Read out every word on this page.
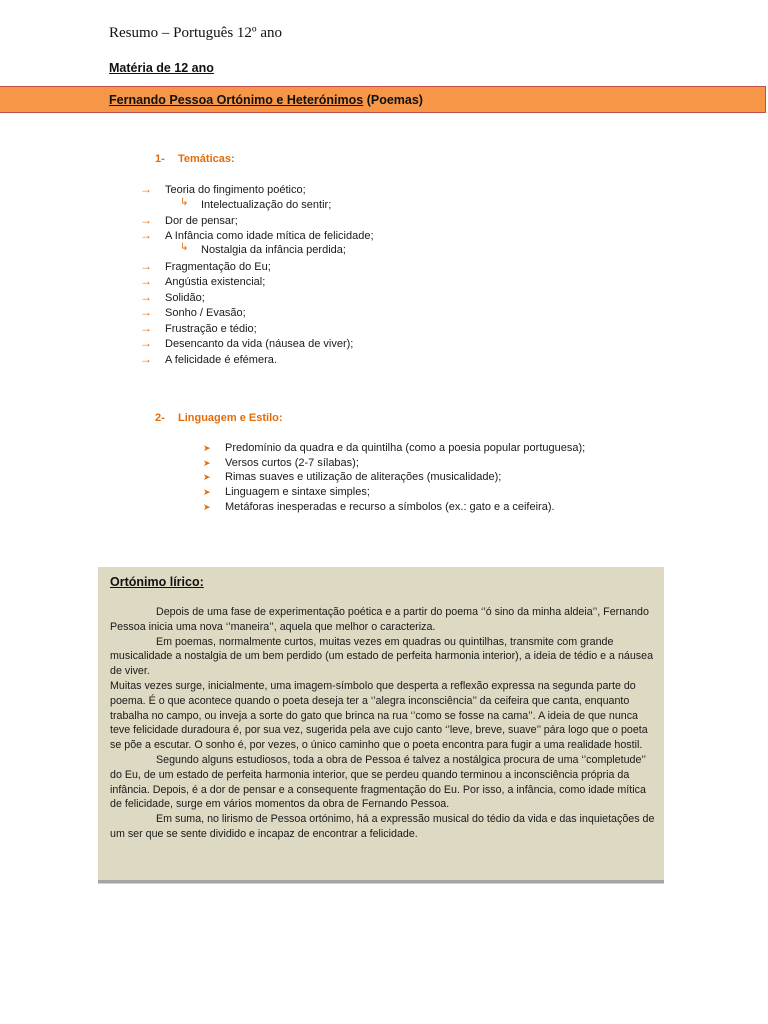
Resumo – Português 12º ano
Matéria de 12 ano
Fernando Pessoa Ortónimo e Heterónimos (Poemas)
1- Temáticas:
→ Teoria do fingimento poético;
↳ Intelectualização do sentir;
→ Dor de pensar;
→ A Infância como idade mítica de felicidade;
↳ Nostalgia da infância perdida;
→ Fragmentação do Eu;
→ Angústia existencial;
→ Solidão;
→ Sonho / Evasão;
→ Frustração e tédio;
→ Desencanto da vida (náusea de viver);
→ A felicidade é efémera.
2- Linguagem e Estilo:
➤ Predomínio da quadra e da quintilha (como a poesia popular portuguesa);
➤ Versos curtos (2-7 sílabas);
➤ Rimas suaves e utilização de aliterações (musicalidade);
➤ Linguagem e sintaxe simples;
➤ Metáforas inesperadas e recurso a símbolos (ex.: gato e a ceifeira).
Ortónimo lírico:

Depois de uma fase de experimentação poética e a partir do poema ‘’ó sino da minha aldeia’’, Fernando Pessoa inicia uma nova ‘’maneira’’, aquela que melhor o caracteriza.

Em poemas, normalmente curtos, muitas vezes em quadras ou quintilhas, transmite com grande musicalidade a nostalgia de um bem perdido (um estado de perfeita harmonia interior), a ideia de tédio e a náusea de viver.

Muitas vezes surge, inicialmente, uma imagem-símbolo que desperta a reflexão expressa na segunda parte do poema. É o que acontece quando o poeta deseja ter a ‘’alegra inconsciência’’ da ceifeira que canta, enquanto trabalha no campo, ou inveja a sorte do gato que brinca na rua ‘’como se fosse na cama’’. A ideia de que nunca teve felicidade duradoura é, por sua vez, sugerida pela ave cujo canto ‘’leve, breve, suave’’ pára logo que o poeta se põe a escutar. O sonho é, por vezes, o único caminho que o poeta encontra para fugir a uma realidade hostil.

Segundo alguns estudiosos, toda a obra de Pessoa é talvez a nostálgica procura de uma ‘’completude’’ do Eu, de um estado de perfeita harmonia interior, que se perdeu quando terminou a inconsciência própria da infância. Depois, é a dor de pensar e a consequente fragmentação do Eu. Por isso, a infância, como idade mítica de felicidade, surge em vários momentos da obra de Fernando Pessoa.

Em suma, no lirismo de Pessoa ortónimo, há a expressão musical do tédio da vida e das inquietações de um ser que se sente dividido e incapaz de encontrar a felicidade.
